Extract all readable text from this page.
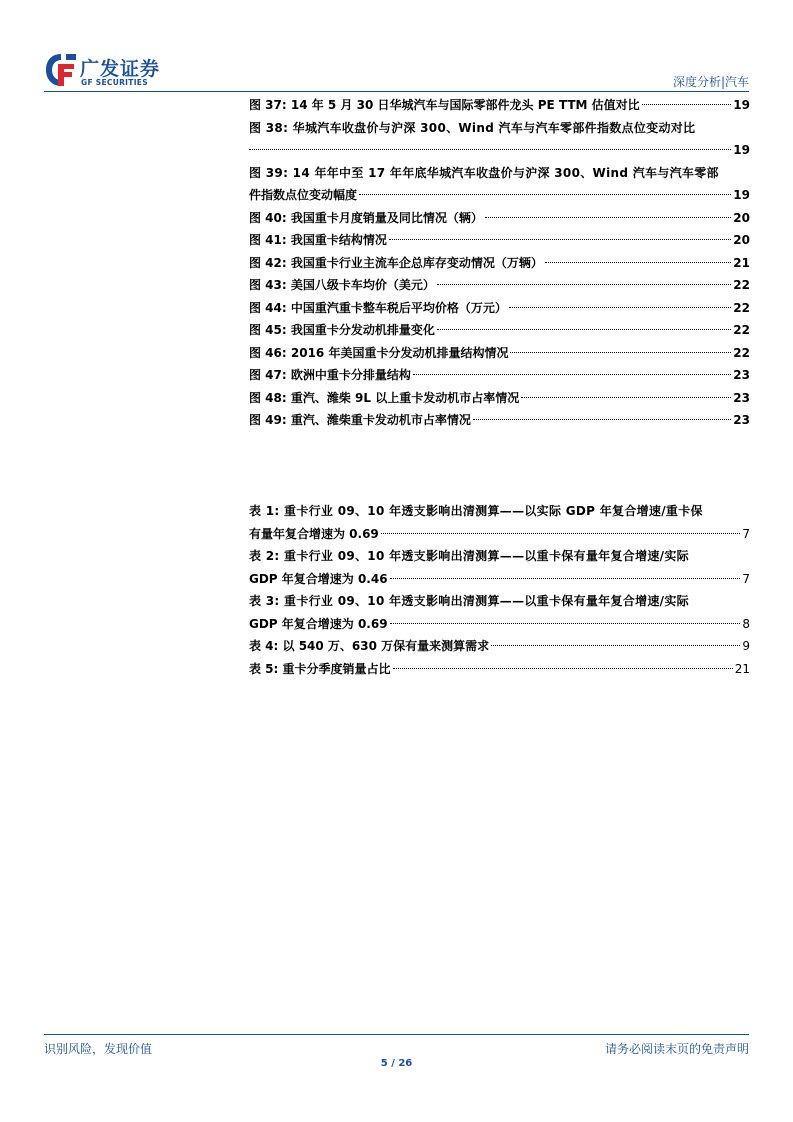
广发证券
GF SECURITIES	深度分析|汽车
图 37:
14 年 5 月 30 日华城汽车与国际零部件龙头 PE TTM 估值对比	19
图 38: 华城汽车收盘价与沪深 300、Wind 汽车与汽车零部件指数点位变动对比
19
图 39: 14 年年中至 17 年年底华城汽车收盘价与沪深 300、Wind 汽车与汽车零部
件指数点位变动幅度	19
图 40:
我国重卡月度销量及同比情况（辆）	20
图 41:
我国重卡结构情况	20
图 42:
我国重卡行业主流车企总库存变动情况（万辆）	21
图 43:
美国八级卡车均价（美元）	22
图 44:
中国重汽重卡整车税后平均价格（万元）	22
图 45:
我国重卡分发动机排量变化	22
图 46:
2016 年美国重卡分发动机排量结构情况	22
图 47:
欧洲中重卡分排量结构	23
图 48:
重汽、潍柴 9L 以上重卡发动机市占率情况	23
图 49:
重汽、潍柴重卡发动机市占率情况	23
表 1: 重卡行业 09、10 年透支影响出清测算——以实际 GDP 年复合增速/重卡保
有量年复合增速为 0.69	7
表 2: 重卡行业 09、10 年透支影响出清测算——以重卡保有量年复合增速/实际
GDP 年复合增速为 0.46	7
表 3: 重卡行业 09、10 年透支影响出清测算——以重卡保有量年复合增速/实际
GDP 年复合增速为 0.69	8
表 4:
以 540 万、630 万保有量来测算需求	9
表 5:
重卡分季度销量占比	21
识别风险，发现价值	请务必阅读末页的免责声明
5 / 26
